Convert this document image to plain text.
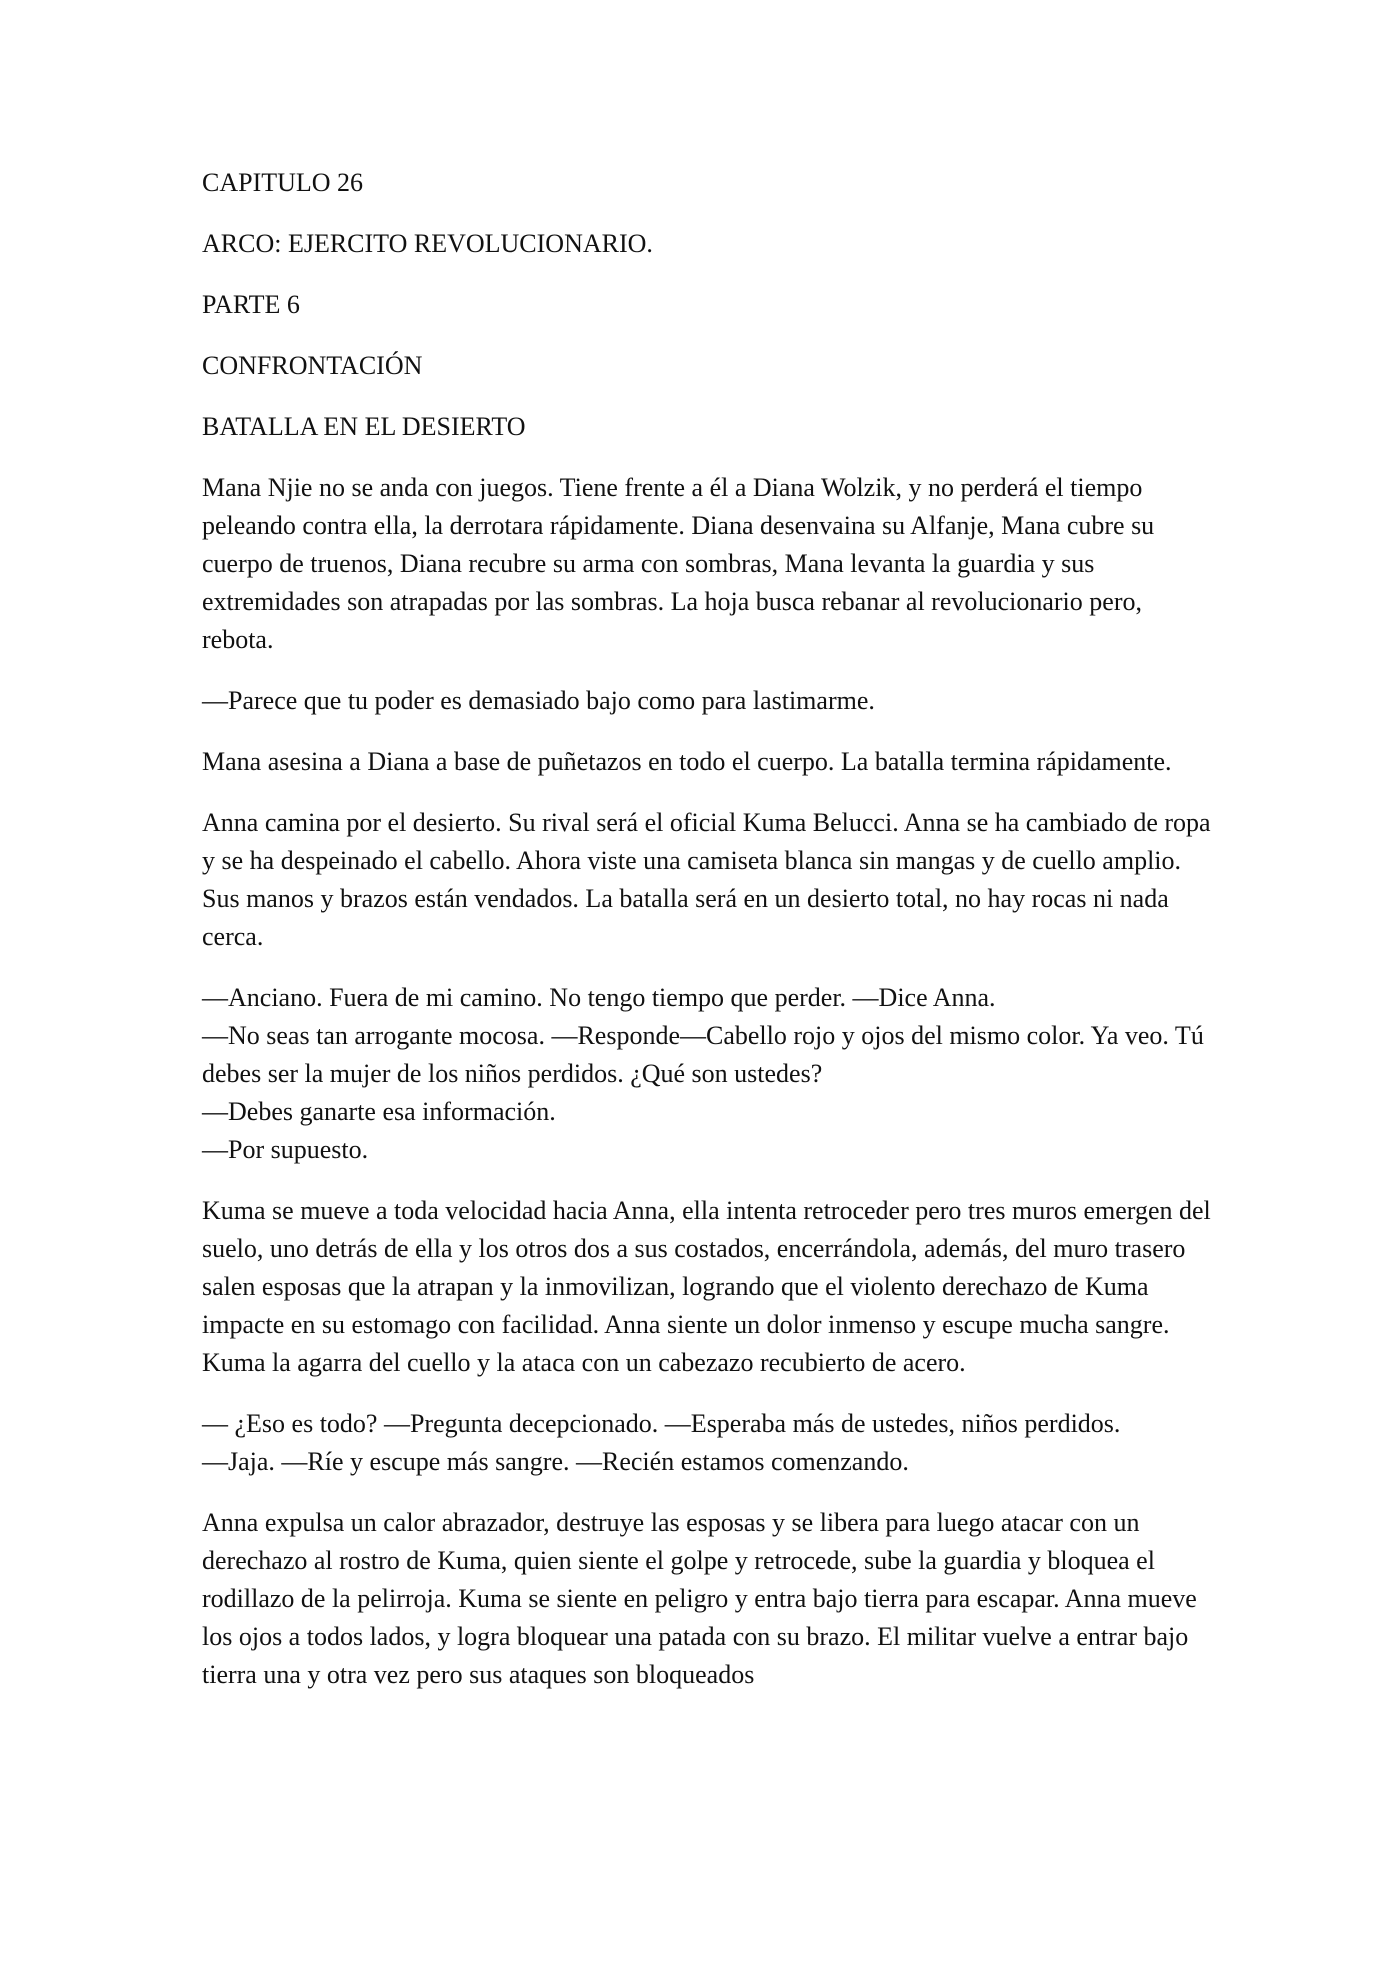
CAPITULO 26

ARCO: EJERCITO REVOLUCIONARIO.

PARTE 6

CONFRONTACIÓN

BATALLA EN EL DESIERTO

Mana Njie no se anda con juegos. Tiene frente a él a Diana Wolzik, y no perderá el tiempo peleando contra ella, la derrotara rápidamente. Diana desenvaina su Alfanje, Mana cubre su cuerpo de truenos, Diana recubre su arma con sombras, Mana levanta la guardia y sus extremidades son atrapadas por las sombras. La hoja busca rebanar al revolucionario pero, rebota.

—Parece que tu poder es demasiado bajo como para lastimarme.

Mana asesina a Diana a base de puñetazos en todo el cuerpo. La batalla termina rápidamente.

Anna camina por el desierto. Su rival será el oficial Kuma Belucci. Anna se ha cambiado de ropa y se ha despeinado el cabello. Ahora viste una camiseta blanca sin mangas y de cuello amplio. Sus manos y brazos están vendados. La batalla será en un desierto total, no hay rocas ni nada cerca.

—Anciano. Fuera de mi camino. No tengo tiempo que perder. —Dice Anna.

—No seas tan arrogante mocosa. —Responde—Cabello rojo y ojos del mismo color. Ya veo. Tú debes ser la mujer de los niños perdidos. ¿Qué son ustedes?

—Debes ganarte esa información.

—Por supuesto.

Kuma se mueve a toda velocidad hacia Anna, ella intenta retroceder pero tres muros emergen del suelo, uno detrás de ella y los otros dos a sus costados, encerrándola, además, del muro trasero salen esposas que la atrapan y la inmovilizan, logrando que el violento derechazo de Kuma impacte en su estomago con facilidad. Anna siente un dolor inmenso y escupe mucha sangre. Kuma la agarra del cuello y la ataca con un cabezazo recubierto de acero.

— ¿Eso es todo? —Pregunta decepcionado. —Esperaba más de ustedes, niños perdidos.

—Jaja. —Ríe y escupe más sangre. —Recién estamos comenzando.

Anna expulsa un calor abrazador, destruye las esposas y se libera para luego atacar con un derechazo al rostro de Kuma, quien siente el golpe y retrocede, sube la guardia y bloquea el rodillazo de la pelirroja. Kuma se siente en peligro y entra bajo tierra para escapar. Anna mueve los ojos a todos lados, y logra bloquear una patada con su brazo. El militar vuelve a entrar bajo tierra una y otra vez pero sus ataques son bloqueados
